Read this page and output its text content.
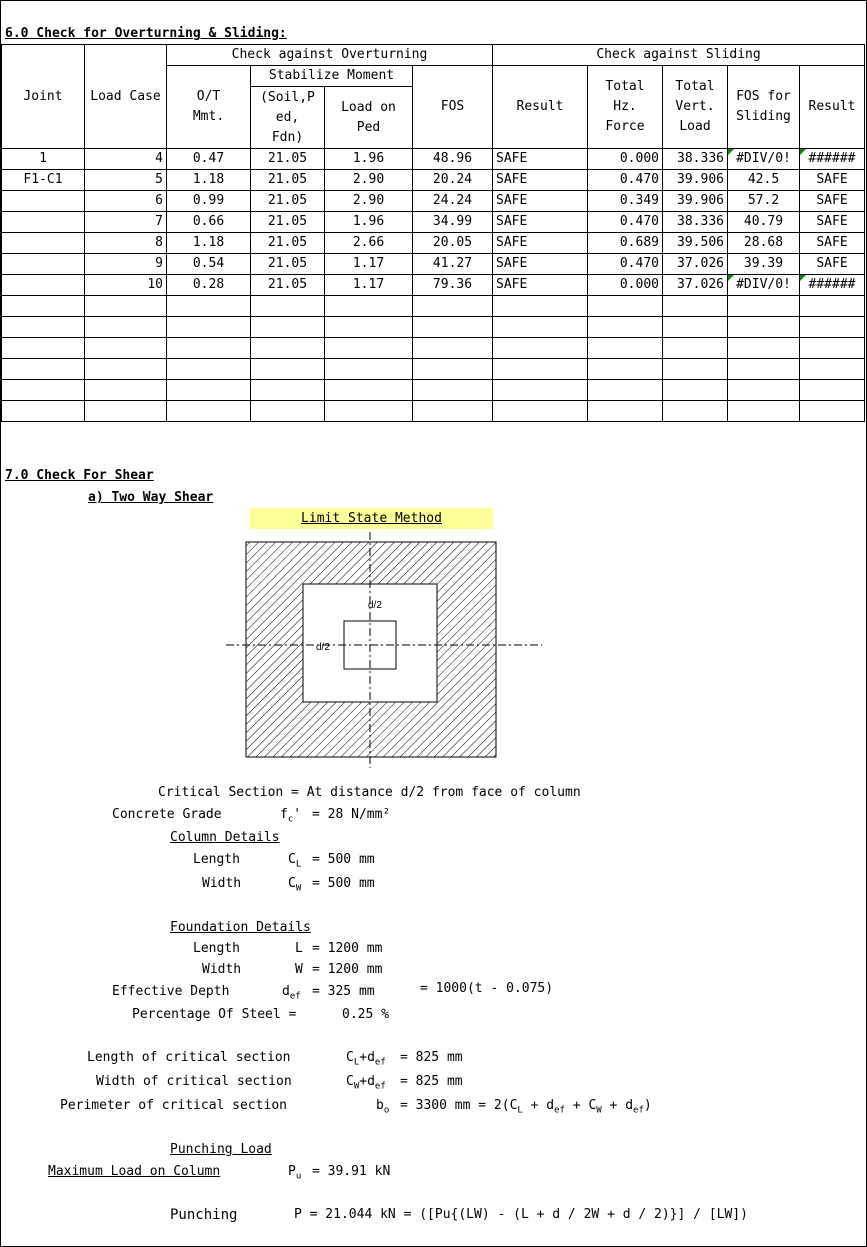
6.0 Check for Overturning & Sliding:
Joint	Load Case	Check against Overturning				Check against Sliding				
		O/T Mmt.	Stabilize Moment		FOS	Result	Total Hz. Force	Total Vert. Load	FOS for Sliding	Result
			(Soil,P ed, Fdn)	Load on Ped						
1	4	0.47	21.05	1.96	48.96	SAFE	0.000	38.336	#DIV/0!	######
F1-C1	5	1.18	21.05	2.90	20.24	SAFE	0.470	39.906	42.5	SAFE
	6	0.99	21.05	2.90	24.24	SAFE	0.349	39.906	57.2	SAFE
	7	0.66	21.05	1.96	34.99	SAFE	0.470	38.336	40.79	SAFE
	8	1.18	21.05	2.66	20.05	SAFE	0.689	39.506	28.68	SAFE
	9	0.54	21.05	1.17	41.27	SAFE	0.470	37.026	39.39	SAFE
	10	0.28	21.05	1.17	79.36	SAFE	0.000	37.026	#DIV/0!	######

7.0 Check For Shear
a) Two Way Shear
Limit State Method
d/2
d/2
Critical Section = At distance d/2 from face of column
Concrete Grade	$f_c' = 28$ N/mm²
Column Details
Length	$C_L = 500$ mm
Width	$C_W = 500$ mm
Foundation Details
Length	L = 1200 mm
Width	W = 1200 mm
Effective Depth	$d_{ef} = 325$ mm	= 1000(t - 0.075)
Percentage Of Steel =	0.25 %
Length of critical section	$C_L+d_{ef} = 825$ mm
Width of critical section	$C_W+d_{ef} = 825$ mm
Perimeter of critical section	$b_o = 3300$ mm = $2(C_L + d_{ef} + C_W + d_{ef})$
Punching Load
Maximum Load on Column	$P_u = 39.91$ kN
Punching	P = 21.044 kN = ([Pu{(LW) - (L + d / 2W + d / 2)}] / [LW])
